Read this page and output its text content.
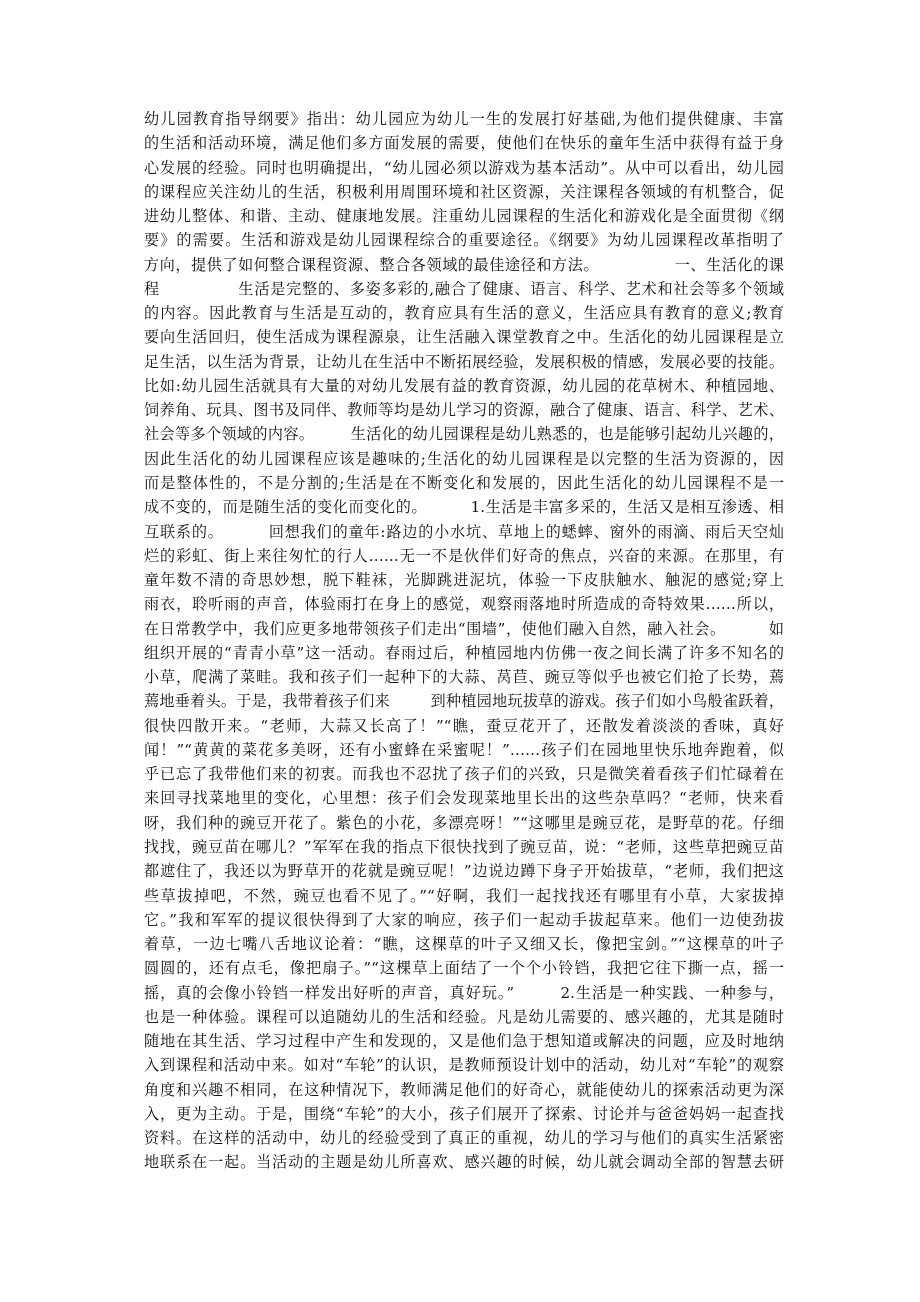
幼儿园教育指导纲要》指出：幼儿园应为幼儿一生的发展打好基础,为他们提供健康、丰富
的生活和活动环境，满足他们多方面发展的需要，使他们在快乐的童年生活中获得有益于身
心发展的经验。同时也明确提出，“幼儿园必须以游戏为基本活动”。从中可以看出，幼儿园
的课程应关注幼儿的生活，积极利用周围环境和社区资源，关注课程各领域的有机整合，促
进幼儿整体、和谐、主动、健康地发展。注重幼儿园课程的生活化和游戏化是全面贯彻《纲
要》的需要。生活和游戏是幼儿园课程综合的重要途径。《纲要》为幼儿园课程改革指明了
方向，提供了如何整合课程资源、整合各领域的最佳途径和方法。              一、生活化的课
程              生活是完整的、多姿多彩的,融合了健康、语言、科学、艺术和社会等多个领域
的内容。因此教育与生活是互动的，教育应具有生活的意义，生活应具有教育的意义;教育
要向生活回归，使生活成为课程源泉，让生活融入课堂教育之中。生活化的幼儿园课程是立
足生活，以生活为背景，让幼儿在生活中不断拓展经验，发展积极的情感，发展必要的技能。
比如:幼儿园生活就具有大量的对幼儿发展有益的教育资源，幼儿园的花草树木、种植园地、
饲养角、玩具、图书及同伴、教师等均是幼儿学习的资源，融合了健康、语言、科学、艺术、
社会等多个领域的内容。       生活化的幼儿园课程是幼儿熟悉的，也是能够引起幼儿兴趣的，
因此生活化的幼儿园课程应该是趣味的;生活化的幼儿园课程是以完整的生活为资源的，因
而是整体性的，不是分割的;生活是在不断变化和发展的，因此生活化的幼儿园课程不是一
成不变的，而是随生活的变化而变化的。        1.生活是丰富多采的，生活又是相互渗透、相
互联系的。        回想我们的童年:路边的小水坑、草地上的蟋蟀、窗外的雨滴、雨后天空灿
烂的彩虹、街上来往匆忙的行人……无一不是伙伴们好奇的焦点，兴奋的来源。在那里，有
童年数不清的奇思妙想，脱下鞋袜，光脚跳进泥坑，体验一下皮肤触水、触泥的感觉;穿上
雨衣，聆听雨的声音，体验雨打在身上的感觉，观察雨落地时所造成的奇特效果……所以，
在日常教学中，我们应更多地带领孩子们走出“围墙”，使他们融入自然，融入社会。        如
组织开展的“青青小草”这一活动。春雨过后，种植园地内仿佛一夜之间长满了许多不知名的
小草，爬满了菜畦。我和孩子们一起种下的大蒜、莴苣、豌豆等似乎也被它们抢了长势，蔫
蔫地垂着头。于是，我带着孩子们来        到种植园地玩拔草的游戏。孩子们如小鸟般雀跃着，
很快四散开来。“老师，大蒜又长高了！”“瞧，蚕豆花开了，还散发着淡淡的香味，真好
闻！”“黄黄的菜花多美呀，还有小蜜蜂在采蜜呢！”……孩子们在园地里快乐地奔跑着，似
乎已忘了我带他们来的初衷。而我也不忍扰了孩子们的兴致，只是微笑着看孩子们忙碌着在
来回寻找菜地里的变化，心里想：孩子们会发现菜地里长出的这些杂草吗？“老师，快来看
呀，我们种的豌豆开花了。紫色的小花，多漂亮呀！”“这哪里是豌豆花，是野草的花。仔细
找找，豌豆苗在哪儿？”军军在我的指点下很快找到了豌豆苗，说：“老师，这些草把豌豆苗
都遮住了，我还以为野草开的花就是豌豆呢！”边说边蹲下身子开始拔草，“老师，我们把这
些草拔掉吧，不然，豌豆也看不见了。”“好啊，我们一起找找还有哪里有小草，大家拔掉
它。”我和军军的提议很快得到了大家的响应，孩子们一起动手拔起草来。他们一边使劲拔
着草，一边七嘴八舌地议论着：“瞧，这棵草的叶子又细又长，像把宝剑。”“这棵草的叶子
圆圆的，还有点毛，像把扇子。”“这棵草上面结了一个个小铃铛，我把它往下撕一点，摇一
摇，真的会像小铃铛一样发出好听的声音，真好玩。”        2.生活是一种实践、一种参与，
也是一种体验。课程可以追随幼儿的生活和经验。凡是幼儿需要的、感兴趣的，尤其是随时
随地在其生活、学习过程中产生和发现的，又是他们急于想知道或解决的问题，应及时地纳
入到课程和活动中来。如对“车轮”的认识，是教师预设计划中的活动，幼儿对“车轮”的观察
角度和兴趣不相同，在这种情况下，教师满足他们的好奇心，就能使幼儿的探索活动更为深
入，更为主动。于是，围绕“车轮”的大小，孩子们展开了探索、讨论并与爸爸妈妈一起查找
资料。在这样的活动中，幼儿的经验受到了真正的重视，幼儿的学习与他们的真实生活紧密
地联系在一起。当活动的主题是幼儿所喜欢、感兴趣的时候，幼儿就会调动全部的智慧去研
